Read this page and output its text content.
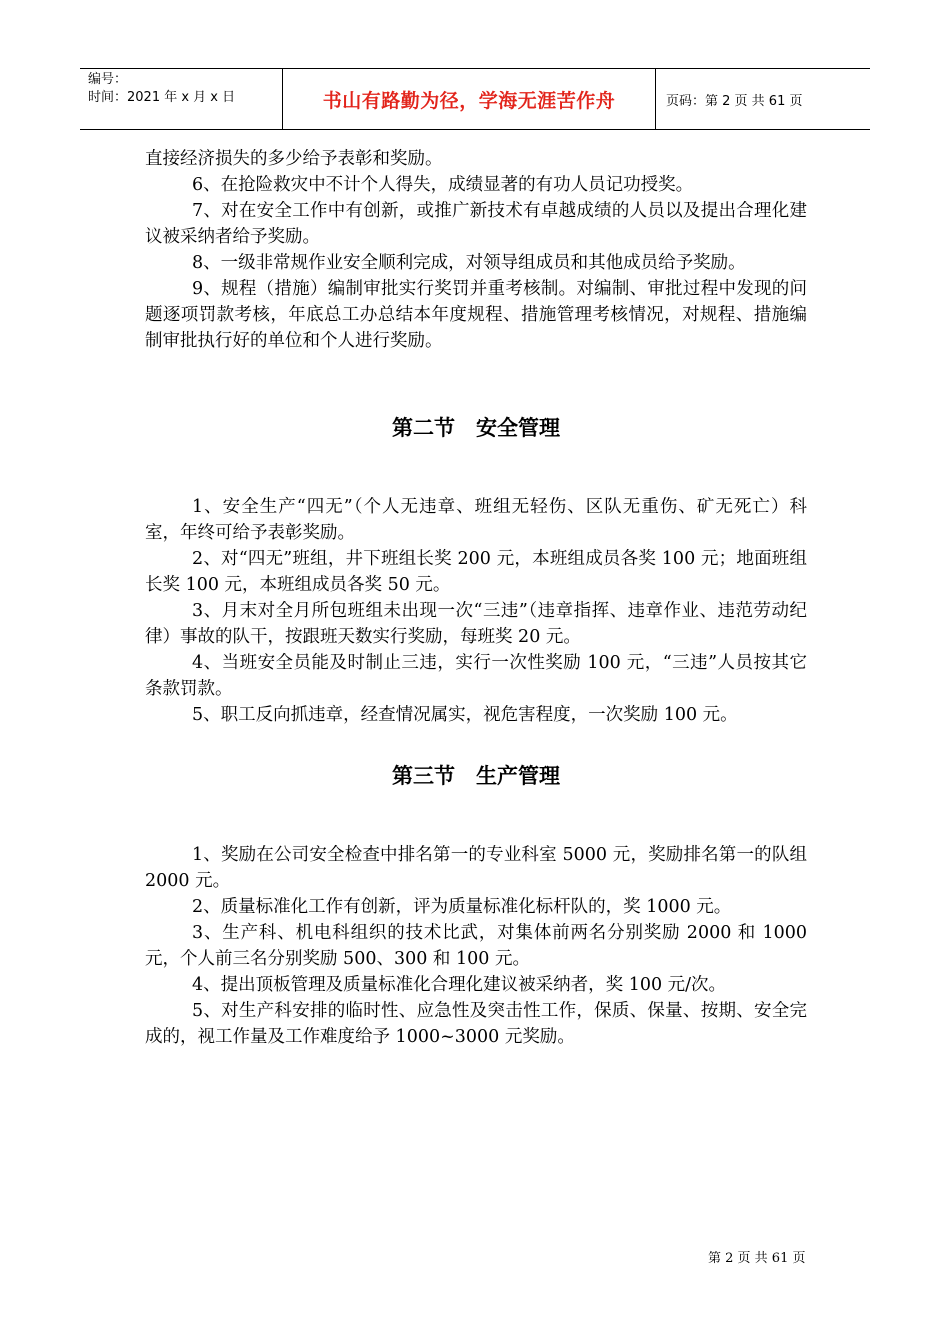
编号：
时间：2021 年 x 月 x 日	书山有路勤为径，学海无涯苦作舟	页码：第 2 页 共 61 页

直接经济损失的多少给予表彰和奖励。

6、在抢险救灾中不计个人得失，成绩显著的有功人员记功授奖。

7、对在安全工作中有创新，或推广新技术有卓越成绩的人员以及提出合理化建议被采纳者给予奖励。

8、一级非常规作业安全顺利完成，对领导组成员和其他成员给予奖励。

9、规程（措施）编制审批实行奖罚并重考核制。对编制、审批过程中发现的问题逐项罚款考核，年底总工办总结本年度规程、措施管理考核情况，对规程、措施编制审批执行好的单位和个人进行奖励。

第二节　安全管理

1、安全生产“四无”（个人无违章、班组无轻伤、区队无重伤、矿无死亡）科室，年终可给予表彰奖励。

2、对“四无”班组，井下班组长奖 200 元，本班组成员各奖 100 元；地面班组长奖 100 元，本班组成员各奖 50 元。

3、月末对全月所包班组未出现一次“三违”（违章指挥、违章作业、违范劳动纪律）事故的队干，按跟班天数实行奖励，每班奖 20 元。

4、当班安全员能及时制止三违，实行一次性奖励 100 元，“三违”人员按其它条款罚款。

5、职工反向抓违章，经查情况属实，视危害程度，一次奖励 100 元。

第三节　生产管理

1、奖励在公司安全检查中排名第一的专业科室 5000 元，奖励排名第一的队组 2000 元。

2、质量标准化工作有创新，评为质量标准化标杆队的，奖 1000 元。

3、生产科、机电科组织的技术比武，对集体前两名分别奖励 2000 和 1000 元，个人前三名分别奖励 500、300 和 100 元。

4、提出顶板管理及质量标准化合理化建议被采纳者，奖 100 元/次。

5、对生产科安排的临时性、应急性及突击性工作，保质、保量、按期、安全完成的，视工作量及工作难度给予 1000~3000 元奖励。

第 2 页 共 61 页
